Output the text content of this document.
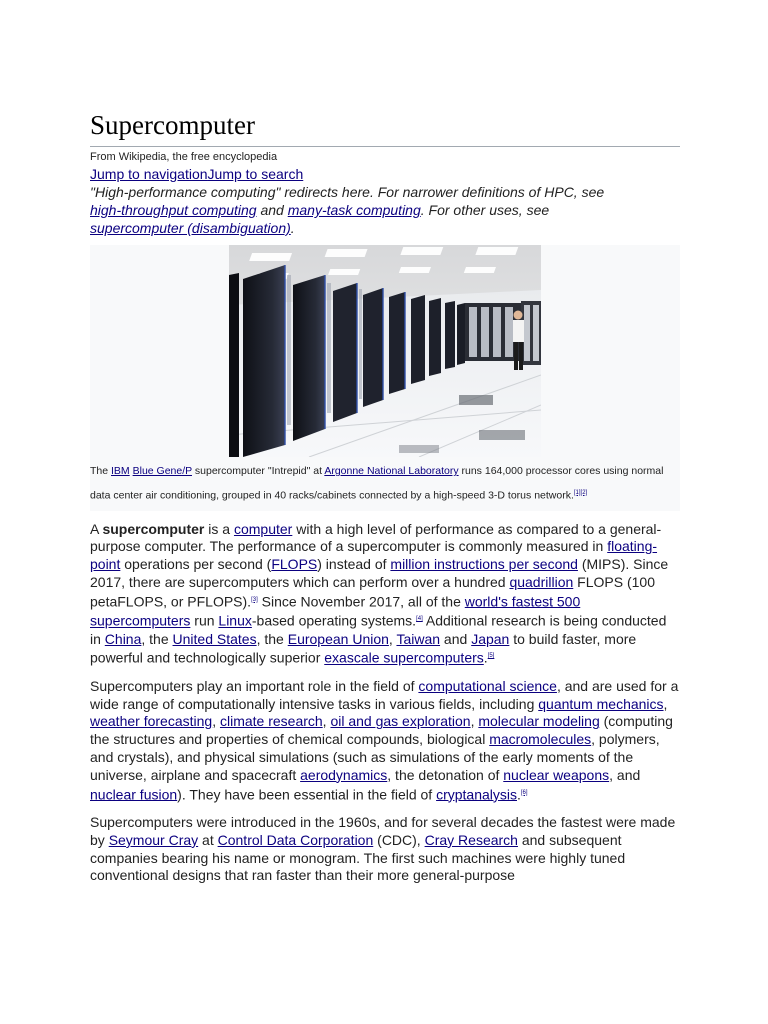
Supercomputer
From Wikipedia, the free encyclopedia
Jump to navigationJump to search
"High-performance computing" redirects here. For narrower definitions of HPC, see high-throughput computing and many-task computing. For other uses, see supercomputer (disambiguation).
The IBM Blue Gene/P supercomputer "Intrepid" at Argonne National Laboratory runs 164,000 processor cores using normal data center air conditioning, grouped in 40 racks/cabinets connected by a high-speed 3-D torus network.[1][2]

A supercomputer is a computer with a high level of performance as compared to a general-purpose computer. The performance of a supercomputer is commonly measured in floating-point operations per second (FLOPS) instead of million instructions per second (MIPS). Since 2017, there are supercomputers which can perform over a hundred quadrillion FLOPS (100 petaFLOPS, or PFLOPS).[3] Since November 2017, all of the world's fastest 500 supercomputers run Linux-based operating systems.[4] Additional research is being conducted in China, the United States, the European Union, Taiwan and Japan to build faster, more powerful and technologically superior exascale supercomputers.[5]

Supercomputers play an important role in the field of computational science, and are used for a wide range of computationally intensive tasks in various fields, including quantum mechanics, weather forecasting, climate research, oil and gas exploration, molecular modeling (computing the structures and properties of chemical compounds, biological macromolecules, polymers, and crystals), and physical simulations (such as simulations of the early moments of the universe, airplane and spacecraft aerodynamics, the detonation of nuclear weapons, and nuclear fusion). They have been essential in the field of cryptanalysis.[6]

Supercomputers were introduced in the 1960s, and for several decades the fastest were made by Seymour Cray at Control Data Corporation (CDC), Cray Research and subsequent companies bearing his name or monogram. The first such machines were highly tuned conventional designs that ran faster than their more general-purpose
